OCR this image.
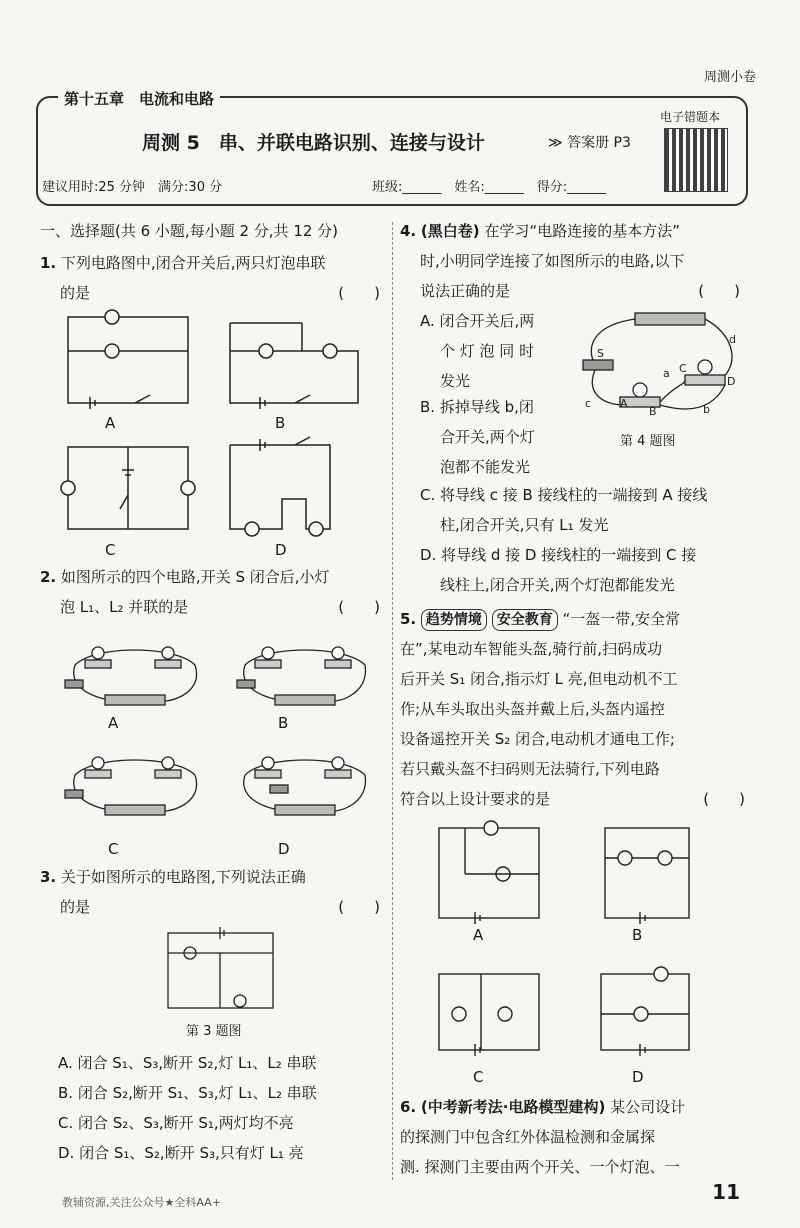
周测小卷
第十五章　电流和电路
周测 5　串、并联电路识别、连接与设计	≫ 答案册 P3
电子错题本
建议用时:25 分钟　满分:30 分	班级:______　姓名:______　得分:______
一、选择题(共 6 小题,每小题 2 分,共 12 分)
1. 下列电路图中,闭合开关后,两只灯泡串联
的是	(　　)
A	B
C	D
2. 如图所示的四个电路,开关 S 闭合后,小灯
泡 L₁、L₂ 并联的是	(　　)
A	B
C	D
3. 关于如图所示的电路图,下列说法正确
的是	(　　)
第 3 题图
A. 闭合 S₁、S₃,断开 S₂,灯 L₁、L₂ 串联
B. 闭合 S₂,断开 S₁、S₃,灯 L₁、L₂ 串联
C. 闭合 S₂、S₃,断开 S₁,两灯均不亮
D. 闭合 S₁、S₂,断开 S₃,只有灯 L₁ 亮
4. (黑白卷) 在学习“电路连接的基本方法”
时,小明同学连接了如图所示的电路,以下
说法正确的是	(　　)
A. 闭合开关后,两
个 灯 泡 同 时
发光
B. 拆掉导线 b,闭
合开关,两个灯
泡都不能发光
S
a
c	A
B
C
D
b
d
第 4 题图
C. 将导线 c 接 B 接线柱的一端接到 A 接线
柱,闭合开关,只有 L₁ 发光
D. 将导线 d 接 D 接线柱的一端接到 C 接
线柱上,闭合开关,两个灯泡都能发光
5. 趋势情境 安全教育 “一盔一带,安全常
在”,某电动车智能头盔,骑行前,扫码成功
后开关 S₁ 闭合,指示灯 L 亮,但电动机不工
作;从车头取出头盔并戴上后,头盔内遥控
设备遥控开关 S₂ 闭合,电动机才通电工作;
若只戴头盔不扫码则无法骑行,下列电路
符合以上设计要求的是	(　　)
A	B
C	D
6. (中考新考法·电路模型建构) 某公司设计
的探测门中包含红外体温检测和金属探
测. 探测门主要由两个开关、一个灯泡、一
教辅资源,关注公众号★全科AA+	11
